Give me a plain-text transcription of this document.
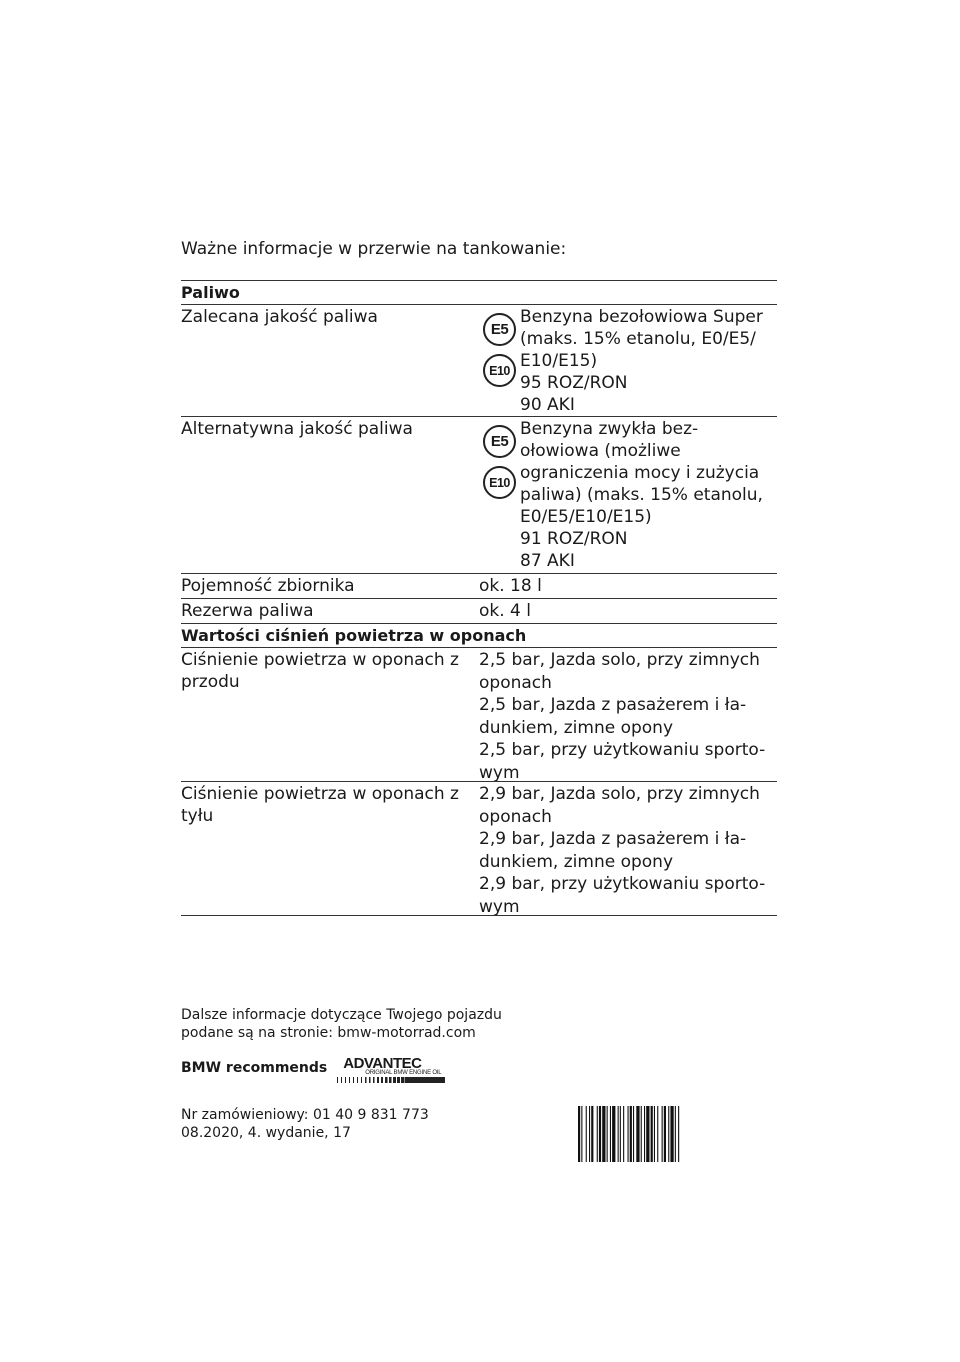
Ważne informacje w przerwie na tankowanie:
Paliwo
Zalecana jakość paliwa
E5
E10
Benzyna bezołowiowa Super
(maks. 15% etanolu, E0/E5/
E10/E15)
95 ROZ/RON
90 AKI
Alternatywna jakość paliwa
E5
E10
Benzyna zwykła bez-
ołowiowa (możliwe
ograniczenia mocy i zużycia
paliwa) (maks. 15% etanolu,
E0/E5/E10/E15)
91 ROZ/RON
87 AKI
Pojemność zbiornika	ok. 18 l
Rezerwa paliwa	ok. 4 l
Wartości ciśnień powietrza w oponach
Ciśnienie powietrza w oponach z
przodu
2,5 bar, Jazda solo, przy zimnych
oponach
2,5 bar, Jazda z pasażerem i ła-
dunkiem, zimne opony
2,5 bar, przy użytkowaniu sporto-
wym
Ciśnienie powietrza w oponach z
tyłu
2,9 bar, Jazda solo, przy zimnych
oponach
2,9 bar, Jazda z pasażerem i ła-
dunkiem, zimne opony
2,9 bar, przy użytkowaniu sporto-
wym
Dalsze informacje dotyczące Twojego pojazdu
podane są na stronie: bmw-motorrad.com
BMW recommends ADVANTEC
ORIGINAL BMW ENGINE OIL
Nr zamówieniowy: 01 40 9 831 773
08.2020, 4. wydanie, 17
